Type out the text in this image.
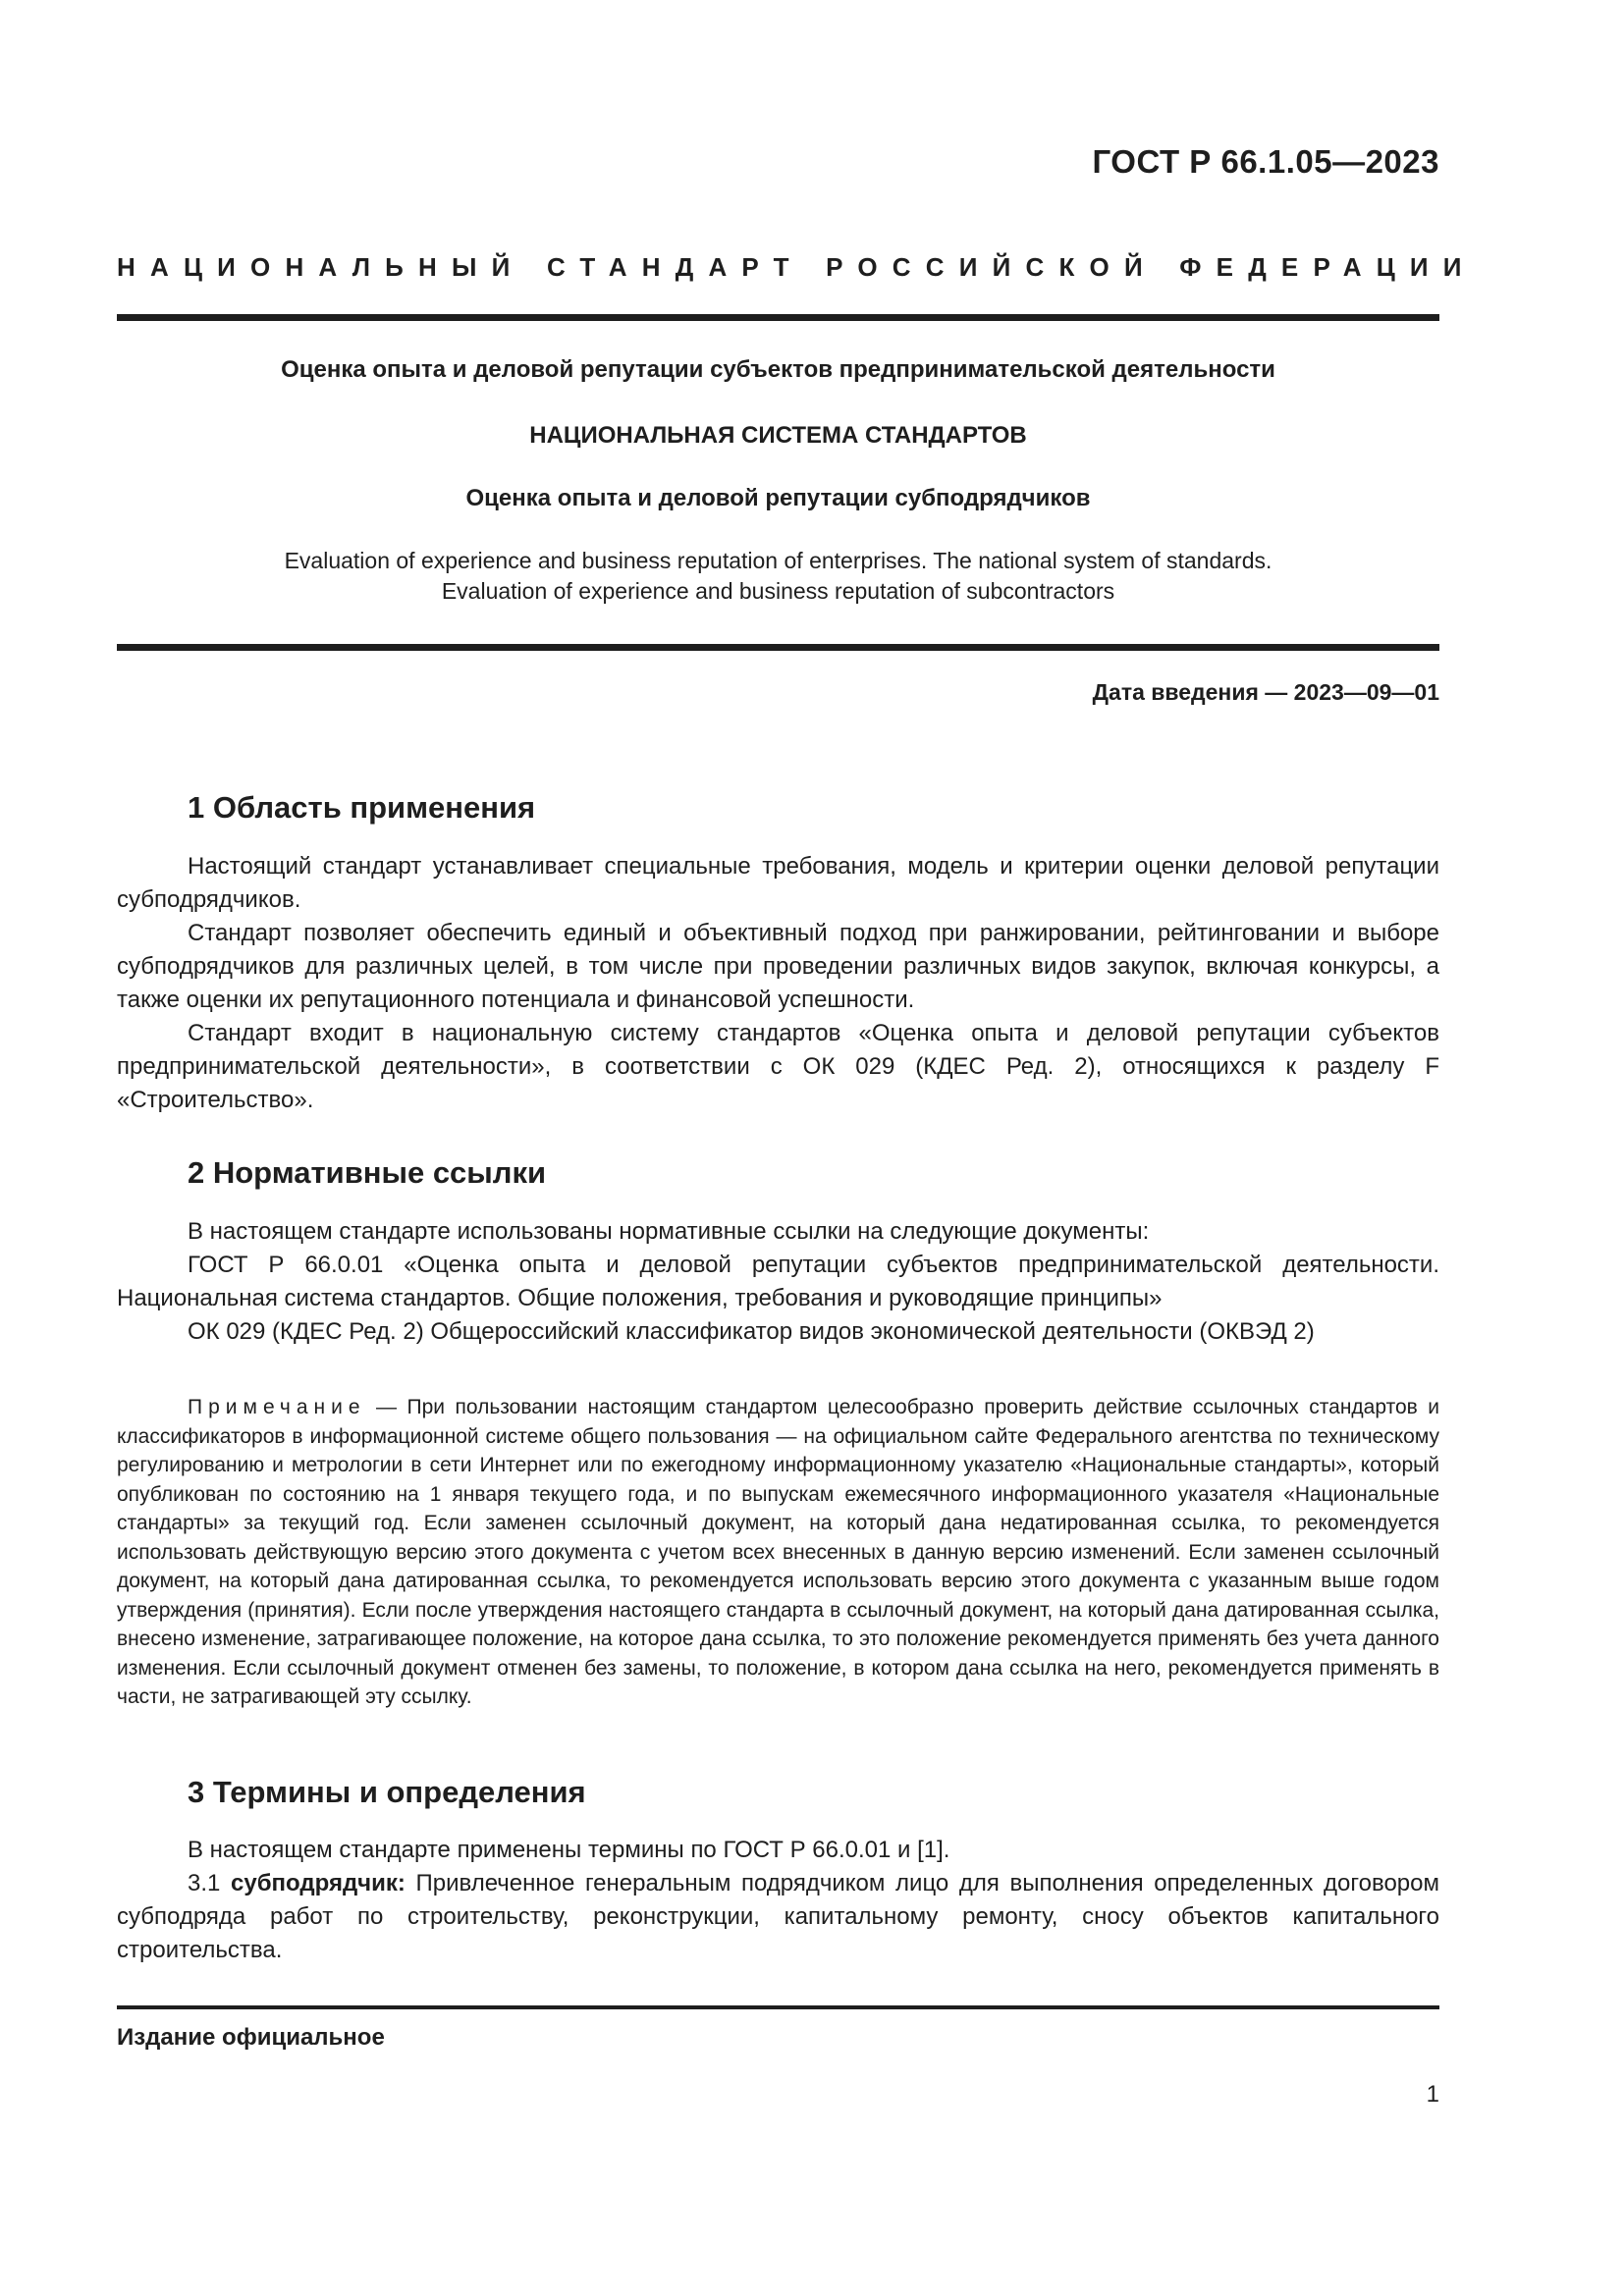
ГОСТ Р 66.1.05—2023
НАЦИОНАЛЬНЫЙ СТАНДАРТ РОССИЙСКОЙ ФЕДЕРАЦИИ
Оценка опыта и деловой репутации субъектов предпринимательской деятельности
НАЦИОНАЛЬНАЯ СИСТЕМА СТАНДАРТОВ
Оценка опыта и деловой репутации субподрядчиков
Evaluation of experience and business reputation of enterprises. The national system of standards.
Evaluation of experience and business reputation of subcontractors
Дата введения — 2023—09—01
1 Область применения

Настоящий стандарт устанавливает специальные требования, модель и критерии оценки деловой репутации субподрядчиков.

Стандарт позволяет обеспечить единый и объективный подход при ранжировании, рейтинговании и выборе субподрядчиков для различных целей, в том числе при проведении различных видов закупок, включая конкурсы, а также оценки их репутационного потенциала и финансовой успешности.

Стандарт входит в национальную систему стандартов «Оценка опыта и деловой репутации субъектов предпринимательской деятельности», в соответствии с ОК 029 (КДЕС Ред. 2), относящихся к разделу F «Строительство».

2 Нормативные ссылки

В настоящем стандарте использованы нормативные ссылки на следующие документы:

ГОСТ Р 66.0.01 «Оценка опыта и деловой репутации субъектов предпринимательской деятельности. Национальная система стандартов. Общие положения, требования и руководящие принципы»

ОК 029 (КДЕС Ред. 2) Общероссийский классификатор видов экономической деятельности (ОКВЭД 2)

Примечание — При пользовании настоящим стандартом целесообразно проверить действие ссылочных стандартов и классификаторов в информационной системе общего пользования — на официальном сайте Федерального агентства по техническому регулированию и метрологии в сети Интернет или по ежегодному информационному указателю «Национальные стандарты», который опубликован по состоянию на 1 января текущего года, и по выпускам ежемесячного информационного указателя «Национальные стандарты» за текущий год. Если заменен ссылочный документ, на который дана недатированная ссылка, то рекомендуется использовать действующую версию этого документа с учетом всех внесенных в данную версию изменений. Если заменен ссылочный документ, на который дана датированная ссылка, то рекомендуется использовать версию этого документа с указанным выше годом утверждения (принятия). Если после утверждения настоящего стандарта в ссылочный документ, на который дана датированная ссылка, внесено изменение, затрагивающее положение, на которое дана ссылка, то это положение рекомендуется применять без учета данного изменения. Если ссылочный документ отменен без замены, то положение, в котором дана ссылка на него, рекомендуется применять в части, не затрагивающей эту ссылку.
3 Термины и определения

В настоящем стандарте применены термины по ГОСТ Р 66.0.01 и [1].

3.1 субподрядчик: Привлеченное генеральным подрядчиком лицо для выполнения определенных договором субподряда работ по строительству, реконструкции, капитальному ремонту, сносу объектов капитального строительства.

Издание официальное
1
